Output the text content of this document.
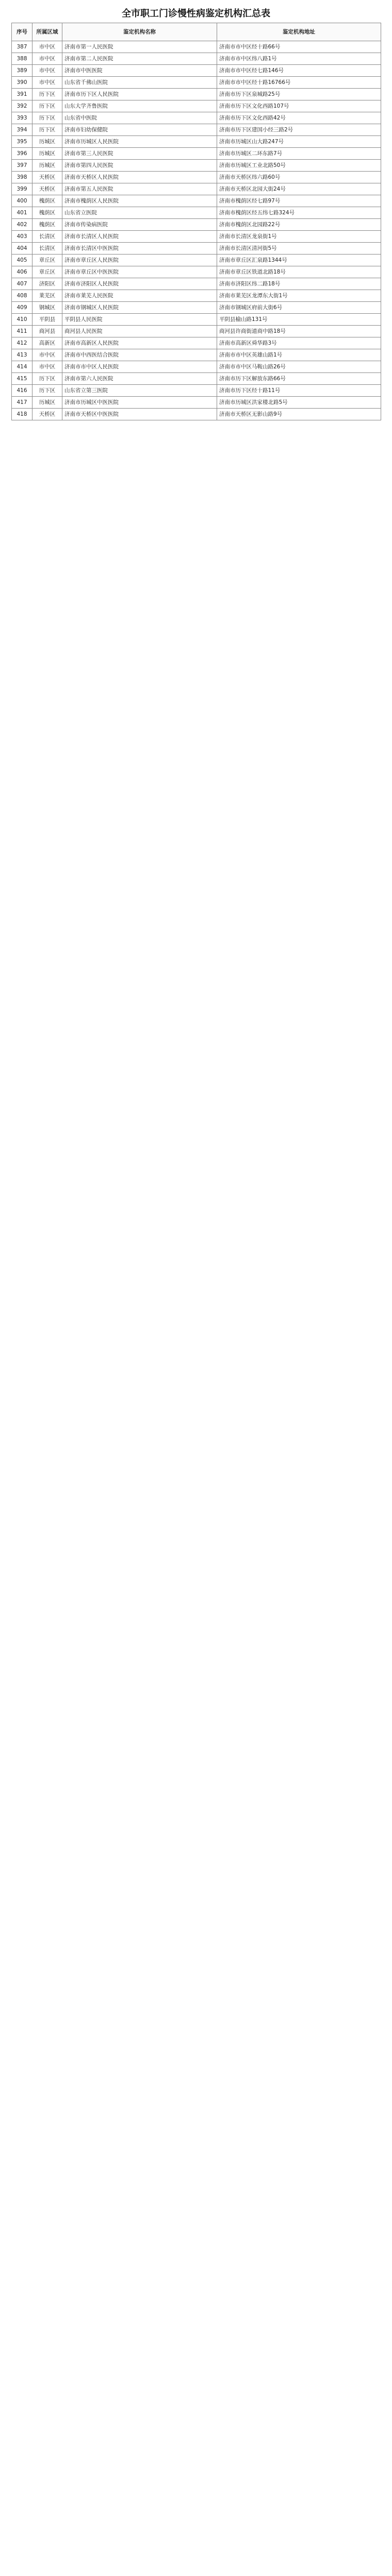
全市职工门诊慢性病鉴定机构汇总表
序号	所属区域	鉴定机构名称	鉴定机构地址
387	市中区	济南市第一人民医院	济南市市中区经十路66号
388	市中区	济南市第二人民医院	济南市市中区纬八路1号
389	市中区	济南市中医医院	济南市市中区经七路146号
390	市中区	山东省千佛山医院	济南市市中区经十路16766号
391	历下区	济南市历下区人民医院	济南市历下区泉城路25号
392	历下区	山东大学齐鲁医院	济南市历下区文化西路107号
393	历下区	山东省中医院	济南市历下区文化西路42号
394	历下区	济南市妇幼保健院	济南市历下区建国小经三路2号
395	历城区	济南市历城区人民医院	济南市历城区山大路247号
396	历城区	济南市第三人民医院	济南市历城区二环东路7号
397	历城区	济南市第四人民医院	济南市历城区工业北路50号
398	天桥区	济南市天桥区人民医院	济南市天桥区纬六路60号
399	天桥区	济南市第五人民医院	济南市天桥区北园大街24号
400	槐荫区	济南市槐荫区人民医院	济南市槐荫区经七路97号
401	槐荫区	山东省立医院	济南市槐荫区经五纬七路324号
402	槐荫区	济南市传染病医院	济南市槐荫区北园路22号
403	长清区	济南市长清区人民医院	济南市长清区龙泉街1号
404	长清区	济南市长清区中医医院	济南市长清区清河街5号
405	章丘区	济南市章丘区人民医院	济南市章丘区汇泉路1344号
406	章丘区	济南市章丘区中医医院	济南市章丘区铁道北路18号
407	济阳区	济南市济阳区人民医院	济南市济阳区纬二路18号
408	莱芜区	济南市莱芜人民医院	济南市莱芜区龙潭东大街1号
409	钢城区	济南市钢城区人民医院	济南市钢城区府前大街6号
410	平阴县	平阴县人民医院	平阴县榆山路131号
411	商河县	商河县人民医院	商河县许商街道商中路18号
412	高新区	济南市高新区人民医院	济南市高新区舜华路3号
413	市中区	济南市中西医结合医院	济南市市中区英雄山路1号
414	市中区	济南市市中区人民医院	济南市市中区马鞍山路26号
415	历下区	济南市第六人民医院	济南市历下区解放东路66号
416	历下区	山东省立第三医院	济南市历下区经十路11号
417	历城区	济南市历城区中医医院	济南市历城区洪家楼北路5号
418	天桥区	济南市天桥区中医医院	济南市天桥区无影山路9号
